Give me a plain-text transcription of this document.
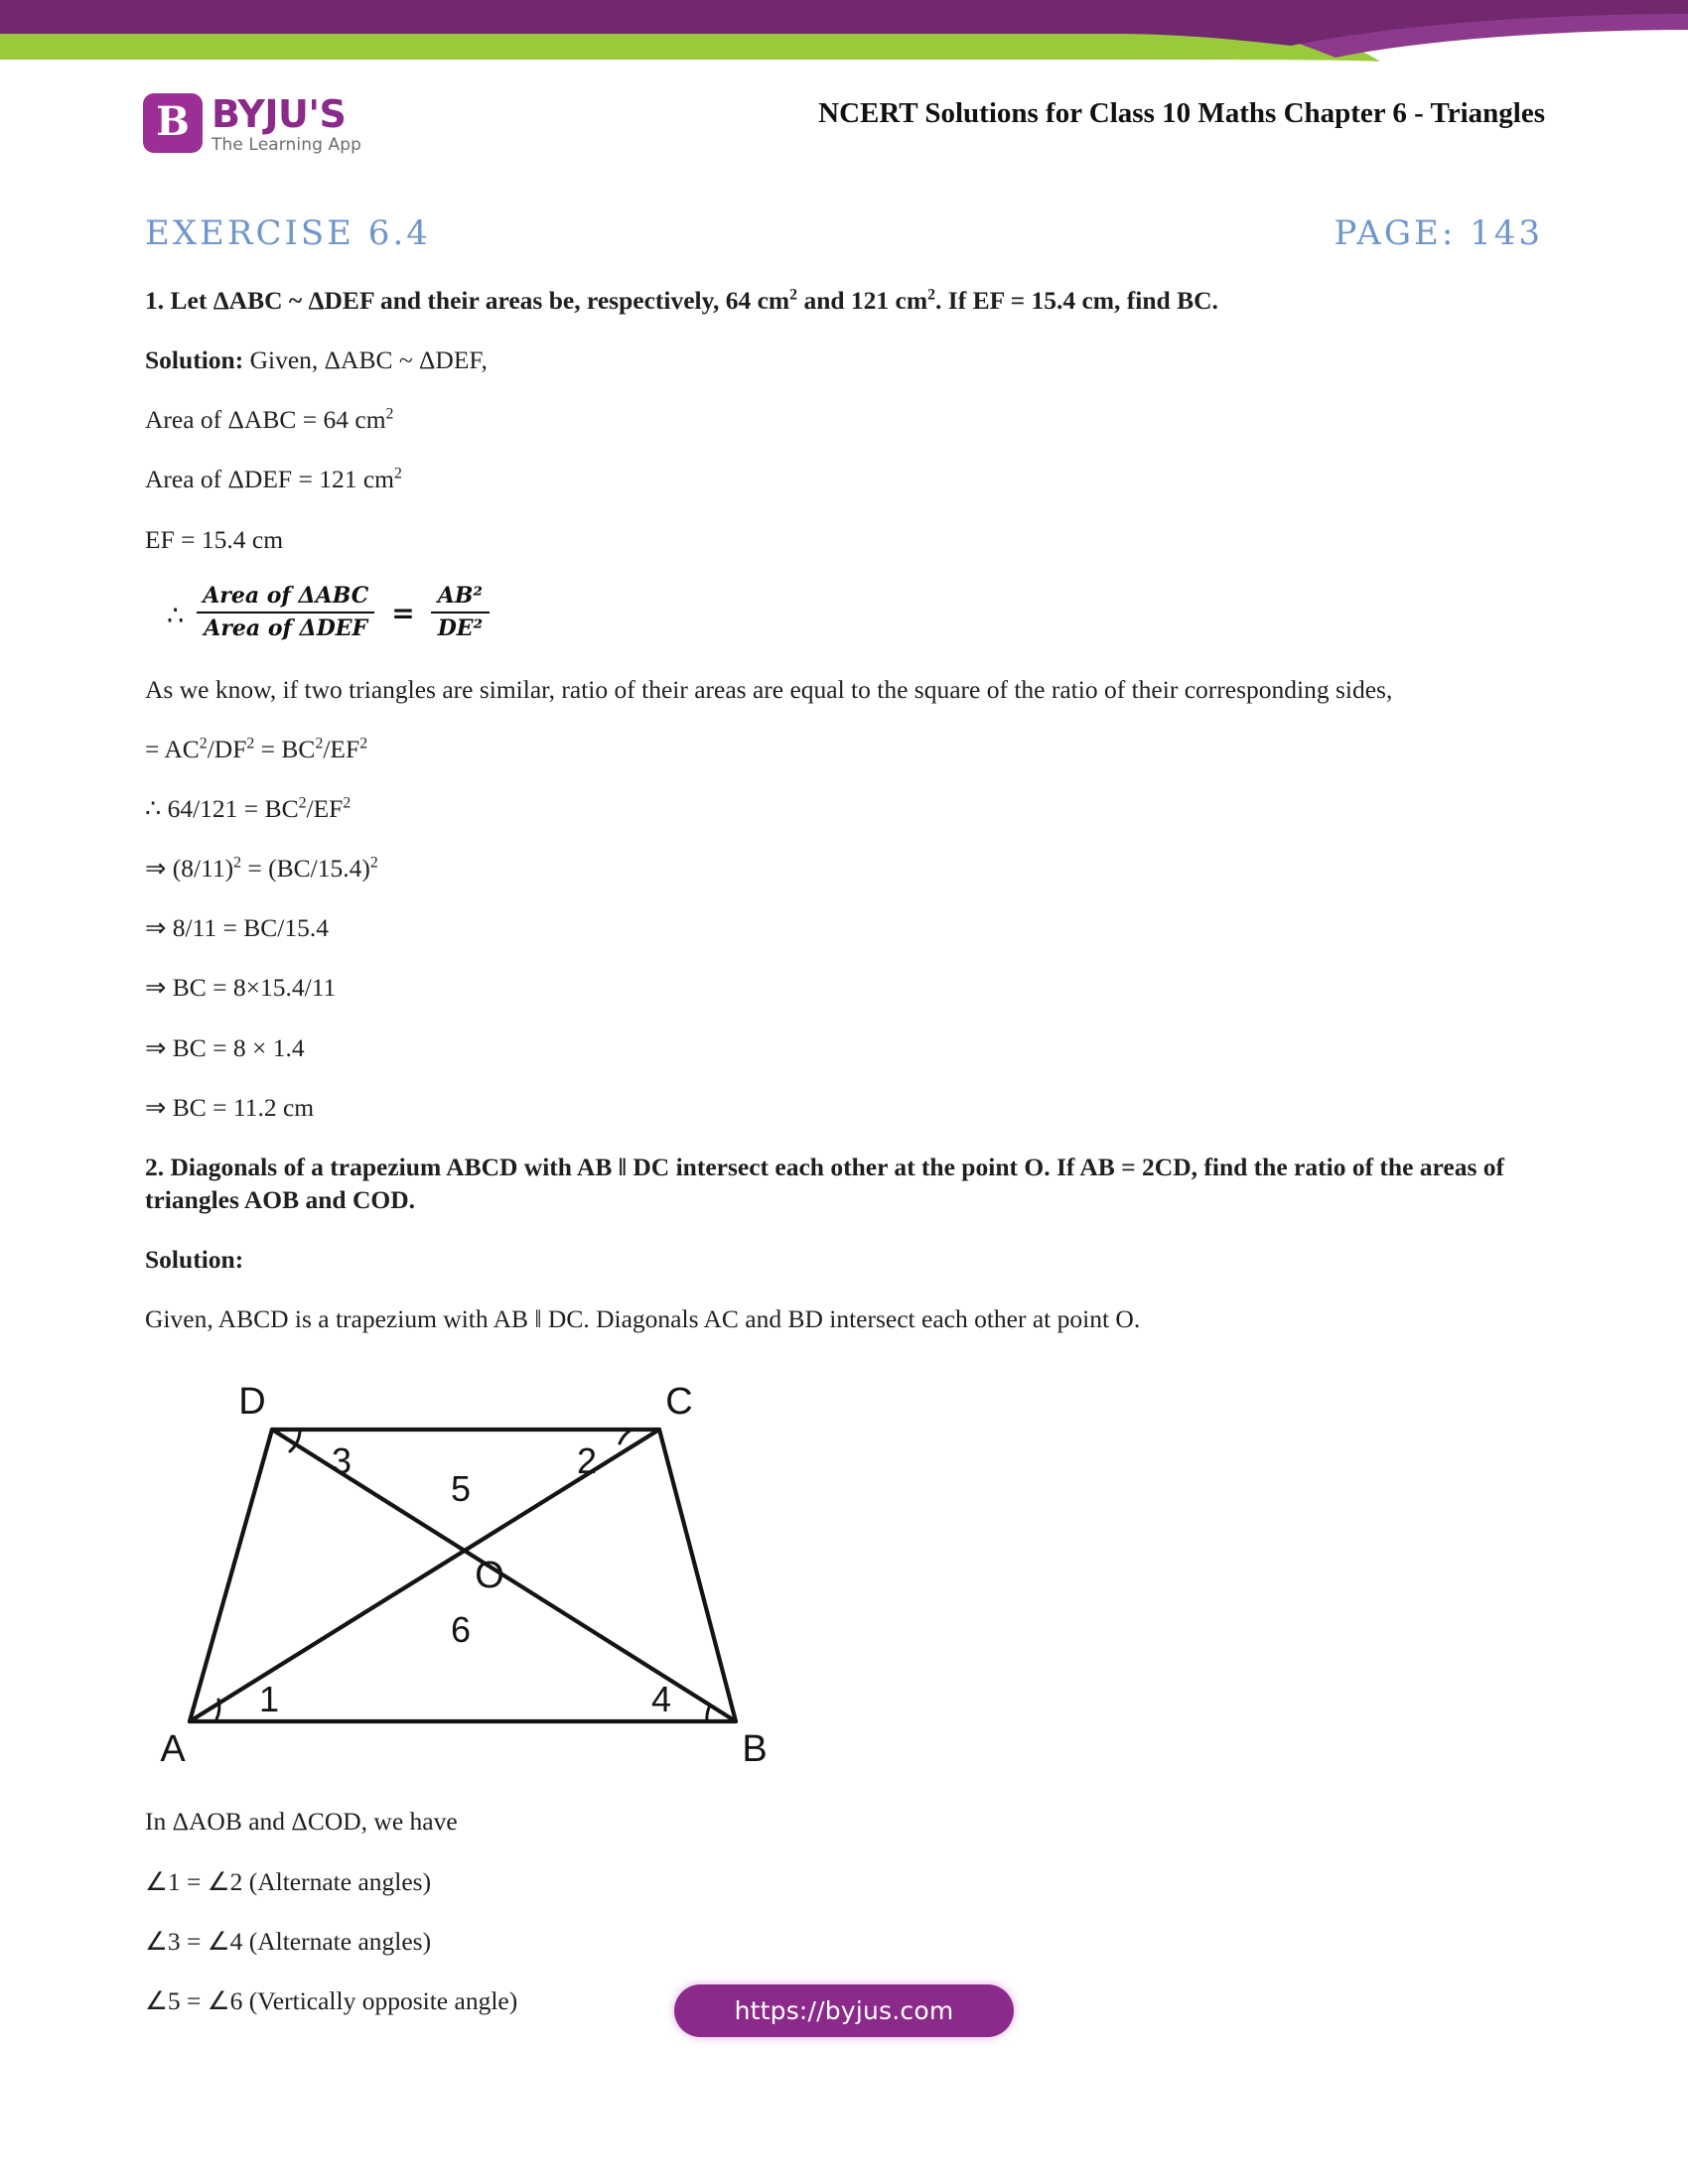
B BYJU'S
The Learning App
NCERT Solutions for Class 10 Maths Chapter 6 - Triangles
EXERCISE 6.4	PAGE: 143

1. Let ΔABC ~ ΔDEF and their areas be, respectively, 64 $cm^2$ and 121 $cm^2$. If EF = 15.4 cm, find BC.

Solution: Given, ΔABC ~ ΔDEF,

Area of ΔABC = 64 $cm^2$

Area of ΔDEF = 121 $cm^2$

EF = 15.4 cm

∴ $\frac{\text{Area of ΔABC}}{\text{Area of ΔDEF}} = \frac{\text{AB²}}{\text{DE²}}$

As we know, if two triangles are similar, ratio of their areas are equal to the square of the ratio of their corresponding sides,

= $AC^2/DF^2 = BC^2/EF^2$

∴ $64/121 = BC^2/EF^2$

⇒ $(8/11)^2 = (BC/15.4)^2$

⇒ 8/11 = BC/15.4

⇒ BC = 8×15.4/11

⇒ BC = 8 × 1.4

⇒ BC = 11.2 cm

2. Diagonals of a trapezium ABCD with AB ‖ DC intersect each other at the point O. If AB = 2CD, find the ratio of the areas of triangles AOB and COD.

Solution:

Given, ABCD is a trapezium with AB ‖ DC. Diagonals AC and BD intersect each other at point O.

D	C
A	B
O
3	2
5
6
1	4

In ΔAOB and ΔCOD, we have

∠1 = ∠2 (Alternate angles)

∠3 = ∠4 (Alternate angles)

∠5 = ∠6 (Vertically opposite angle)	https://byjus.com
